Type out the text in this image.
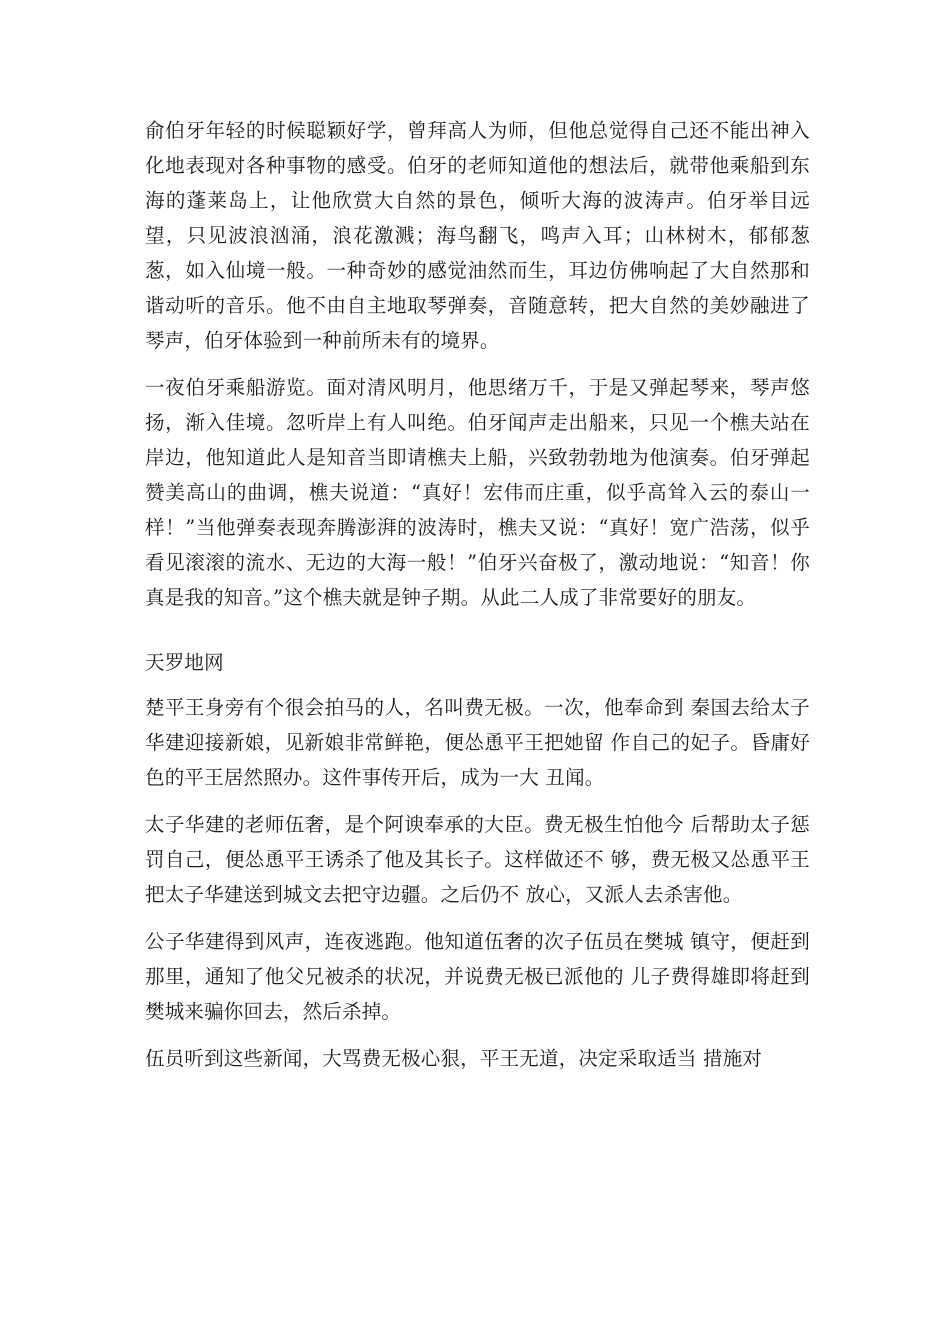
俞伯牙年轻的时候聪颖好学，曾拜高人为师，但他总觉得自己还不能出神入化地表现对各种事物的感受。伯牙的老师知道他的想法后，就带他乘船到东海的蓬莱岛上，让他欣赏大自然的景色，倾听大海的波涛声。伯牙举目远望，只见波浪汹涌，浪花激溅；海鸟翻飞，鸣声入耳；山林树木，郁郁葱葱，如入仙境一般。一种奇妙的感觉油然而生，耳边仿佛响起了大自然那和谐动听的音乐。他不由自主地取琴弹奏，音随意转，把大自然的美妙融进了琴声，伯牙体验到一种前所未有的境界。

一夜伯牙乘船游览。面对清风明月，他思绪万千，于是又弹起琴来，琴声悠扬，渐入佳境。忽听岸上有人叫绝。伯牙闻声走出船来，只见一个樵夫站在岸边，他知道此人是知音当即请樵夫上船，兴致勃勃地为他演奏。伯牙弹起赞美高山的曲调，樵夫说道：“真好！宏伟而庄重，似乎高耸入云的泰山一样！”当他弹奏表现奔腾澎湃的波涛时，樵夫又说：“真好！宽广浩荡，似乎看见滚滚的流水、无边的大海一般！”伯牙兴奋极了，激动地说：“知音！你真是我的知音。”这个樵夫就是钟子期。从此二人成了非常要好的朋友。

天罗地网

楚平王身旁有个很会拍马的人，名叫费无极。一次，他奉命到 秦国去给太子华建迎接新娘，见新娘非常鲜艳，便怂恿平王把她留 作自己的妃子。昏庸好色的平王居然照办。这件事传开后，成为一大 丑闻。

太子华建的老师伍奢，是个阿谀奉承的大臣。费无极生怕他今 后帮助太子惩罚自己，便怂恿平王诱杀了他及其长子。这样做还不 够，费无极又怂恿平王把太子华建送到城文去把守边疆。之后仍不 放心，又派人去杀害他。

公子华建得到风声，连夜逃跑。他知道伍奢的次子伍员在樊城 镇守，便赶到那里，通知了他父兄被杀的状况，并说费无极已派他的 儿子费得雄即将赶到樊城来骗你回去，然后杀掉。

伍员听到这些新闻，大骂费无极心狠，平王无道，决定采取适当 措施对
